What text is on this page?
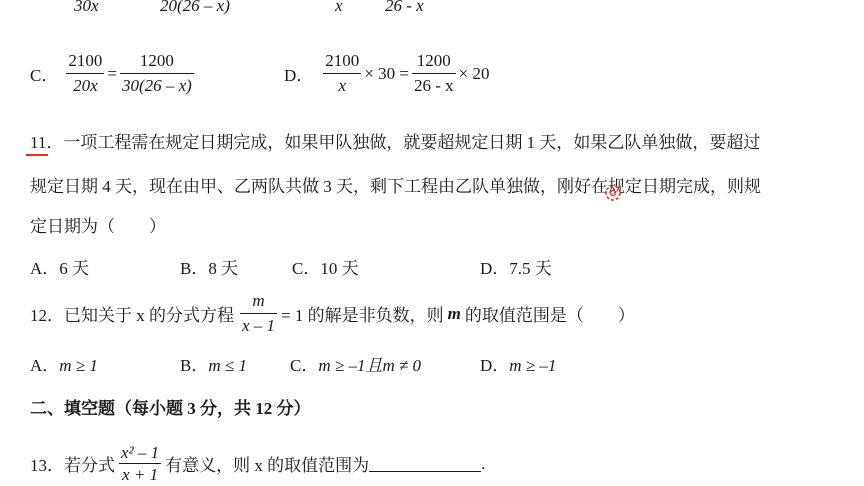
30x	20(26 – x)	x 26 - x
C． $\frac{2100}{20x} = \frac{1200}{30(26 - x)}$	D． $\frac{2100}{x} \times 30 = \frac{1200}{26 - x} \times 20$
11．一项工程需在规定日期完成，如果甲队独做，就要超规定日期 1 天，如果乙队单独做，要超过
规定日期 4 天，现在由甲、乙两队共做 3 天，剩下工程由乙队单独做，刚好在规定日期完成，则规
定日期为（　　）
A．6 天	B．8 天	C．10 天	D．7.5 天
12．已知关于 x 的分式方程 $\frac{m}{x - 1} = 1$ 的解是非负数，则 m 的取值范围是（　　）
A．m ≥ 1	B．m ≤ 1	C．m ≥ –1且m ≠ 0	D．m ≥ –1
二、填空题（每小题 3 分，共 12 分）
13．若分式 $\frac{\text{x² – 1}}{x + 1}$ 有意义，则 x 的取值范围为	.
